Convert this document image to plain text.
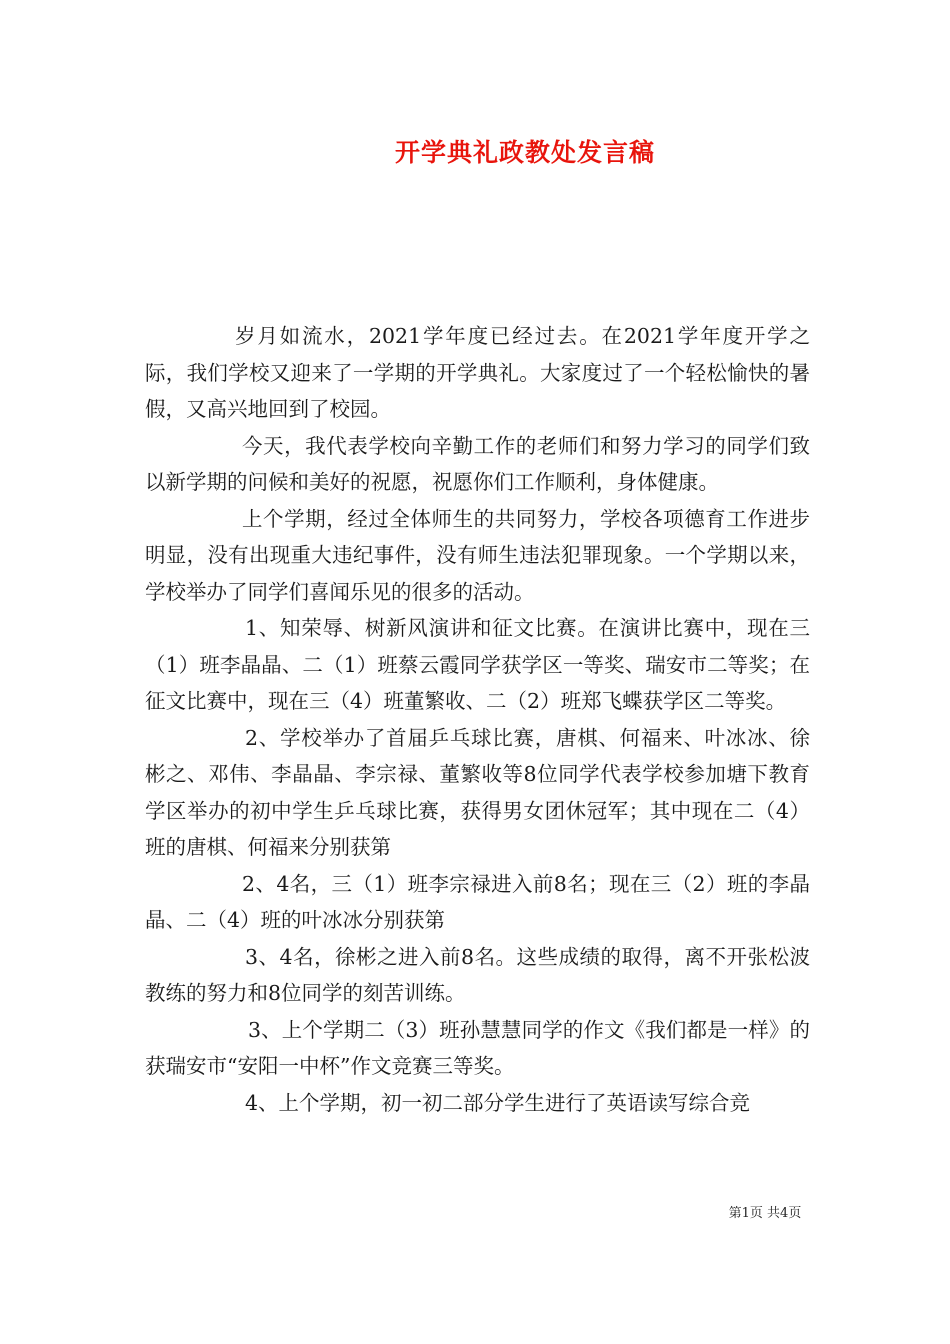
开学典礼政教处发言稿

岁月如流水，2021学年度已经过去。在2021学年度开学之际，我们学校又迎来了一学期的开学典礼。大家度过了一个轻松愉快的暑假，又高兴地回到了校园。

今天，我代表学校向辛勤工作的老师们和努力学习的同学们致以新学期的问候和美好的祝愿，祝愿你们工作顺利，身体健康。

上个学期，经过全体师生的共同努力，学校各项德育工作进步明显，没有出现重大违纪事件，没有师生违法犯罪现象。一个学期以来，学校举办了同学们喜闻乐见的很多的活动。

1、知荣辱、树新风演讲和征文比赛。在演讲比赛中，现在三（1）班李晶晶、二（1）班蔡云霞同学获学区一等奖、瑞安市二等奖；在征文比赛中，现在三（4）班董繁收、二（2）班郑飞蝶获学区二等奖。

2、学校举办了首届乒乓球比赛，唐棋、何福来、叶冰冰、徐彬之、邓伟、李晶晶、李宗禄、董繁收等8位同学代表学校参加塘下教育学区举办的初中学生乒乓球比赛，获得男女团休冠军；其中现在二（4）班的唐棋、何福来分别获第

2、4名，三（1）班李宗禄进入前8名；现在三（2）班的李晶晶、二（4）班的叶冰冰分别获第

3、4名，徐彬之进入前8名。这些成绩的取得，离不开张松波教练的努力和8位同学的刻苦训练。

3、上个学期二（3）班孙慧慧同学的作文《我们都是一样》的获瑞安市“安阳一中杯”作文竞赛三等奖。

4、上个学期，初一初二部分学生进行了英语读写综合竞

第1页 共4页
